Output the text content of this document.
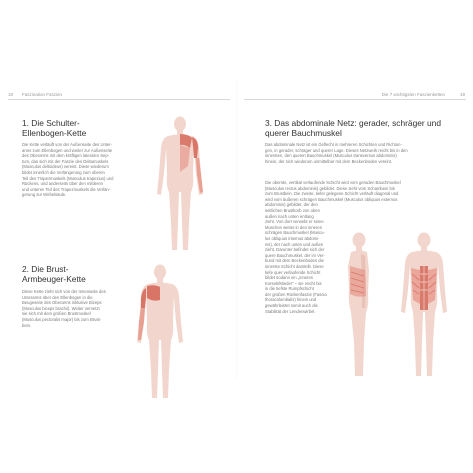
18 Faszination Faszien	Die 7 wichtigsten Faszienketten	19
1. Die Schulter-
Ellenbogen-Kette

Die Kette verläuft von der Außenseite des Unter-
arms zum Ellenbogen und weiter zur Außenseite
des Oberarms mit dem kräftigen lateralen Sep-
tum, das sich mit der Faszie des Deltamuskels
(Musculus deltoideus) vereint. Diese wiederum
bildet innerlich die Verlängerung zum oberen
Teil des Trapezmuskels (Musculus trapezius) und
Rückens, und anderseits über den mittleren
und unteren Teil des Trapezmuskels die Verlän-
gerung zur Wirbelsäule.

2. Die Brust-
Armbeuger-Kette

Diese Kette zieht sich von der Innenseite des
Unterarms über den Ellenbogen in die
Beugeseite des Oberarms inklusive Bizeps
(Musculus biceps brachii). Weiter vernetzt
sie sich mit dem großen Brustmuskel
(Musculus pectoralis major) bis zum Brust-
bein.

3. Das abdominale Netz: gerader, schräger und
querer Bauchmuskel

Das abdominale Netz ist ein Geflecht in mehreren Schichten und Richtun-
gen, in gerader, schräger und querer Lage. Dieses Netzwerk reicht bis in den
innersten, den queren Bauchmuskel (Musculus transversus abdominis)
hinein, der sich wiederum unmittelbar mit dem Beckenboden vereint.

Die oberste, vertikal verlaufende Schicht wird vom geraden Bauchmuskel
(Musculus rectus abdominis) gebildet. Diese zieht vom Schambein bis
zum Brustbein. Die zweite, tiefer gelegene Schicht verläuft diagonal und
wird vom äußeren schrägen Bauchmuskel (Musculus obliquus externus
abdominis) gebildet, der den
seitlichen Brustkorb von oben
außen nach unten entlang
zieht. Von dort verwebt er seine
Muschen weiter in den inneren
schrägen Bauchmuskel (Muscu-
lus obliquus internus abdomi-
nis), der nach unten und außen
zieht. Darunter befindet sich der
quere Bauchmuskel, der im Ver-
bund mit dem Beckenboden die
innerste Schicht darstellt. Diese
tiefe quer verlaufende Schicht
bildet sodann ein „inneres
Korsett/Mieder“ – sie reicht bis
in die tiefste Rumpfschicht
der großen Rückenfaszie (Fascia
thoracolumbalis) hinein und
gewährleistet somit auch die
Stabilität der Lendenwirbel.
